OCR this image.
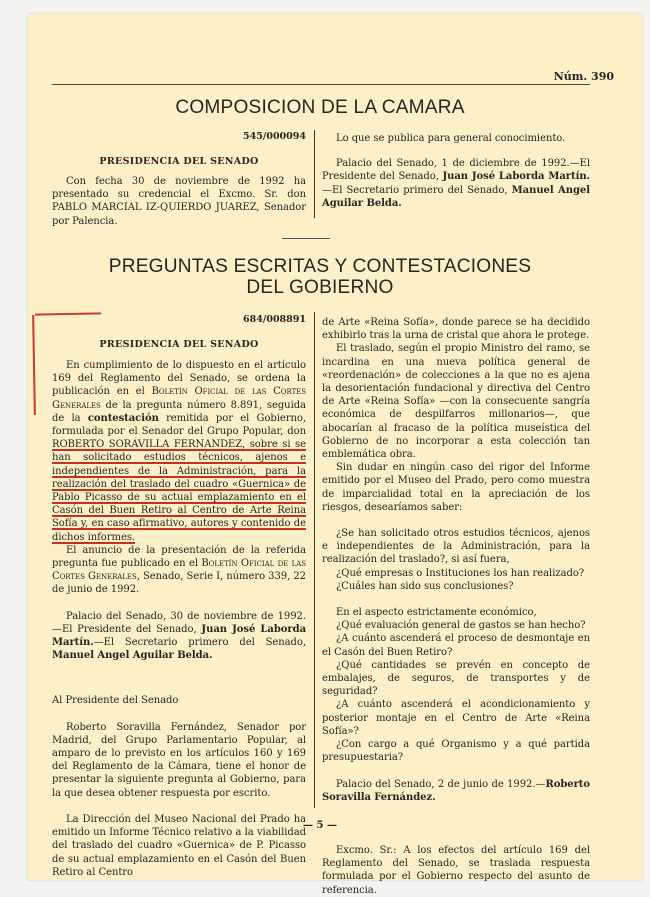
Núm. 390
COMPOSICION DE LA CAMARA
545/000094
PRESIDENCIA DEL SENADO

Con fecha 30 de noviembre de 1992 ha presentado su credencial el Excmo. Sr. don PABLO MARCIAL IZ-QUIERDO JUAREZ, Senador por Palencia.

Lo que se publica para general conocimiento.

Palacio del Senado, 1 de diciembre de 1992.—El Presidente del Senado, Juan José Laborda Martín.—El Secretario primero del Senado, Manuel Angel Aguilar Belda.

PREGUNTAS ESCRITAS Y CONTESTACIONES
DEL GOBIERNO
684/008891
PRESIDENCIA DEL SENADO

En cumplimiento de lo dispuesto en el artículo 169 del Reglamento del Senado, se ordena la publicación en el Boletín Oficial de las Cortes Generales de la pregunta número 8.891, seguida de la contestación remitida por el Gobierno, formulada por el Senador del Grupo Popular, don ROBERTO SORAVILLA FERNANDEZ, sobre si se han solicitado estudios técnicos, ajenos e independientes de la Administración, para la realización del traslado del cuadro «Guernica» de Pablo Picasso de su actual emplazamiento en el Casón del Buen Retiro al Centro de Arte Reina Sofía y, en caso afirmativo, autores y contenido de dichos informes.

El anuncio de la presentación de la referida pregunta fue publicado en el Boletín Oficial de las Cortes Generales, Senado, Serie I, número 339, 22 de junio de 1992.

Palacio del Senado, 30 de noviembre de 1992.—El Presidente del Senado, Juan José Laborda Martín.—El Secretario primero del Senado, Manuel Angel Aguilar Belda.

Al Presidente del Senado

Roberto Soravilla Fernández, Senador por Madrid, del Grupo Parlamentario Popular, al amparo de lo previsto en los artículos 160 y 169 del Reglamento de la Cámara, tiene el honor de presentar la siguiente pregunta al Gobierno, para la que desea obtener respuesta por escrito.

La Dirección del Museo Nacional del Prado ha emitido un Informe Técnico relativo a la viabilidad del traslado del cuadro «Guernica» de P. Picasso de su actual emplazamiento en el Casón del Buen Retiro al Centro

de Arte «Reina Sofía», donde parece se ha decidido exhibirlo tras la urna de cristal que ahora le protege.

El traslado, según el propio Ministro del ramo, se incardina en una nueva política general de «reordenación» de colecciones a la que no es ajena la desorientación fundacional y directiva del Centro de Arte «Reina Sofía» —con la consecuente sangría económica de despilfarros millonarios—, que abocarían al fracaso de la política museística del Gobierno de no incorporar a esta colección tan emblemática obra.

Sin dudar en ningún caso del rigor del Informe emitido por el Museo del Prado, pero como muestra de imparcialidad total en la apreciación de los riesgos, desearíamos saber:

¿Se han solicitado otros estudios técnicos, ajenos e independientes de la Administración, para la realización del traslado?, si así fuera,

¿Qué empresas o Instituciones los han realizado?

¿Cuáles han sido sus conclusiones?

En el aspecto estrictamente económico,

¿Qué evaluación general de gastos se han hecho?

¿A cuánto ascenderá el proceso de desmontaje en el Casón del Buen Retiro?

¿Qué cantidades se prevén en concepto de embalajes, de seguros, de transportes y de seguridad?

¿A cuánto ascenderá el acondicionamiento y posterior montaje en el Centro de Arte «Reina Sofía»?

¿Con cargo a qué Organismo y a qué partida presupuestaria?

Palacio del Senado, 2 de junio de 1992.—Roberto Soravilla Fernández.

Excmo. Sr.: A los efectos del artículo 169 del Reglamento del Senado, se traslada respuesta formulada por el Gobierno respecto del asunto de referencia.

— 5 —
